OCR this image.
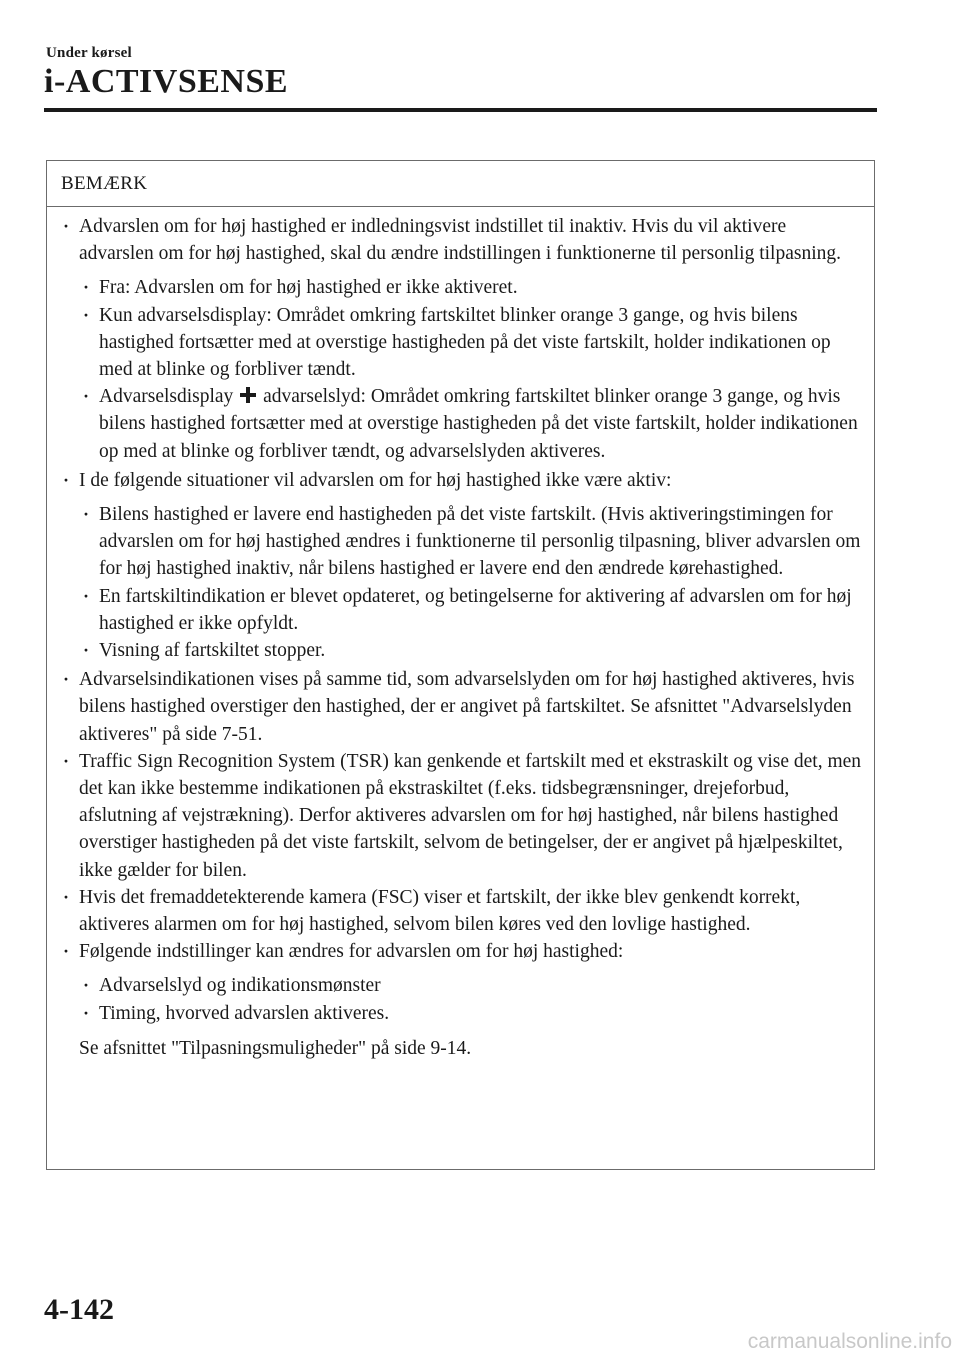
Under kørsel
i-ACTIVSENSE
BEMÆRK
· Advarslen om for høj hastighed er indledningsvist indstillet til inaktiv. Hvis du vil aktivere advarslen om for høj hastighed, skal du ændre indstillingen i funktionerne til personlig tilpasning.
· Fra: Advarslen om for høj hastighed er ikke aktiveret.
· Kun advarselsdisplay: Området omkring fartskiltet blinker orange 3 gange, og hvis bilens hastighed fortsætter med at overstige hastigheden på det viste fartskilt, holder indikationen op med at blinke og forbliver tændt.
· Advarselsdisplay advarselslyd: Området omkring fartskiltet blinker orange 3 gange, og hvis bilens hastighed fortsætter med at overstige hastigheden på det viste fartskilt, holder indikationen op med at blinke og forbliver tændt, og advarselslyden aktiveres.
· I de følgende situationer vil advarslen om for høj hastighed ikke være aktiv:
· Bilens hastighed er lavere end hastigheden på det viste fartskilt. (Hvis aktiveringstimingen for advarslen om for høj hastighed ændres i funktionerne til personlig tilpasning, bliver advarslen om for høj hastighed inaktiv, når bilens hastighed er lavere end den ændrede kørehastighed.
· En fartskiltindikation er blevet opdateret, og betingelserne for aktivering af advarslen om for høj hastighed er ikke opfyldt.
· Visning af fartskiltet stopper.
· Advarselsindikationen vises på samme tid, som advarselslyden om for høj hastighed aktiveres, hvis bilens hastighed overstiger den hastighed, der er angivet på fartskiltet. Se afsnittet "Advarselslyden aktiveres" på side 7-51.
· Traffic Sign Recognition System (TSR) kan genkende et fartskilt med et ekstraskilt og vise det, men det kan ikke bestemme indikationen på ekstraskiltet (f.eks. tidsbegrænsninger, drejeforbud, afslutning af vejstrækning). Derfor aktiveres advarslen om for høj hastighed, når bilens hastighed overstiger hastigheden på det viste fartskilt, selvom de betingelser, der er angivet på hjælpeskiltet, ikke gælder for bilen.
· Hvis det fremaddetekterende kamera (FSC) viser et fartskilt, der ikke blev genkendt korrekt, aktiveres alarmen om for høj hastighed, selvom bilen køres ved den lovlige hastighed.
· Følgende indstillinger kan ændres for advarslen om for høj hastighed:
· Advarselslyd og indikationsmønster
· Timing, hvorved advarslen aktiveres.
Se afsnittet "Tilpasningsmuligheder" på side 9-14.
4-142
carmanualsonline.info
